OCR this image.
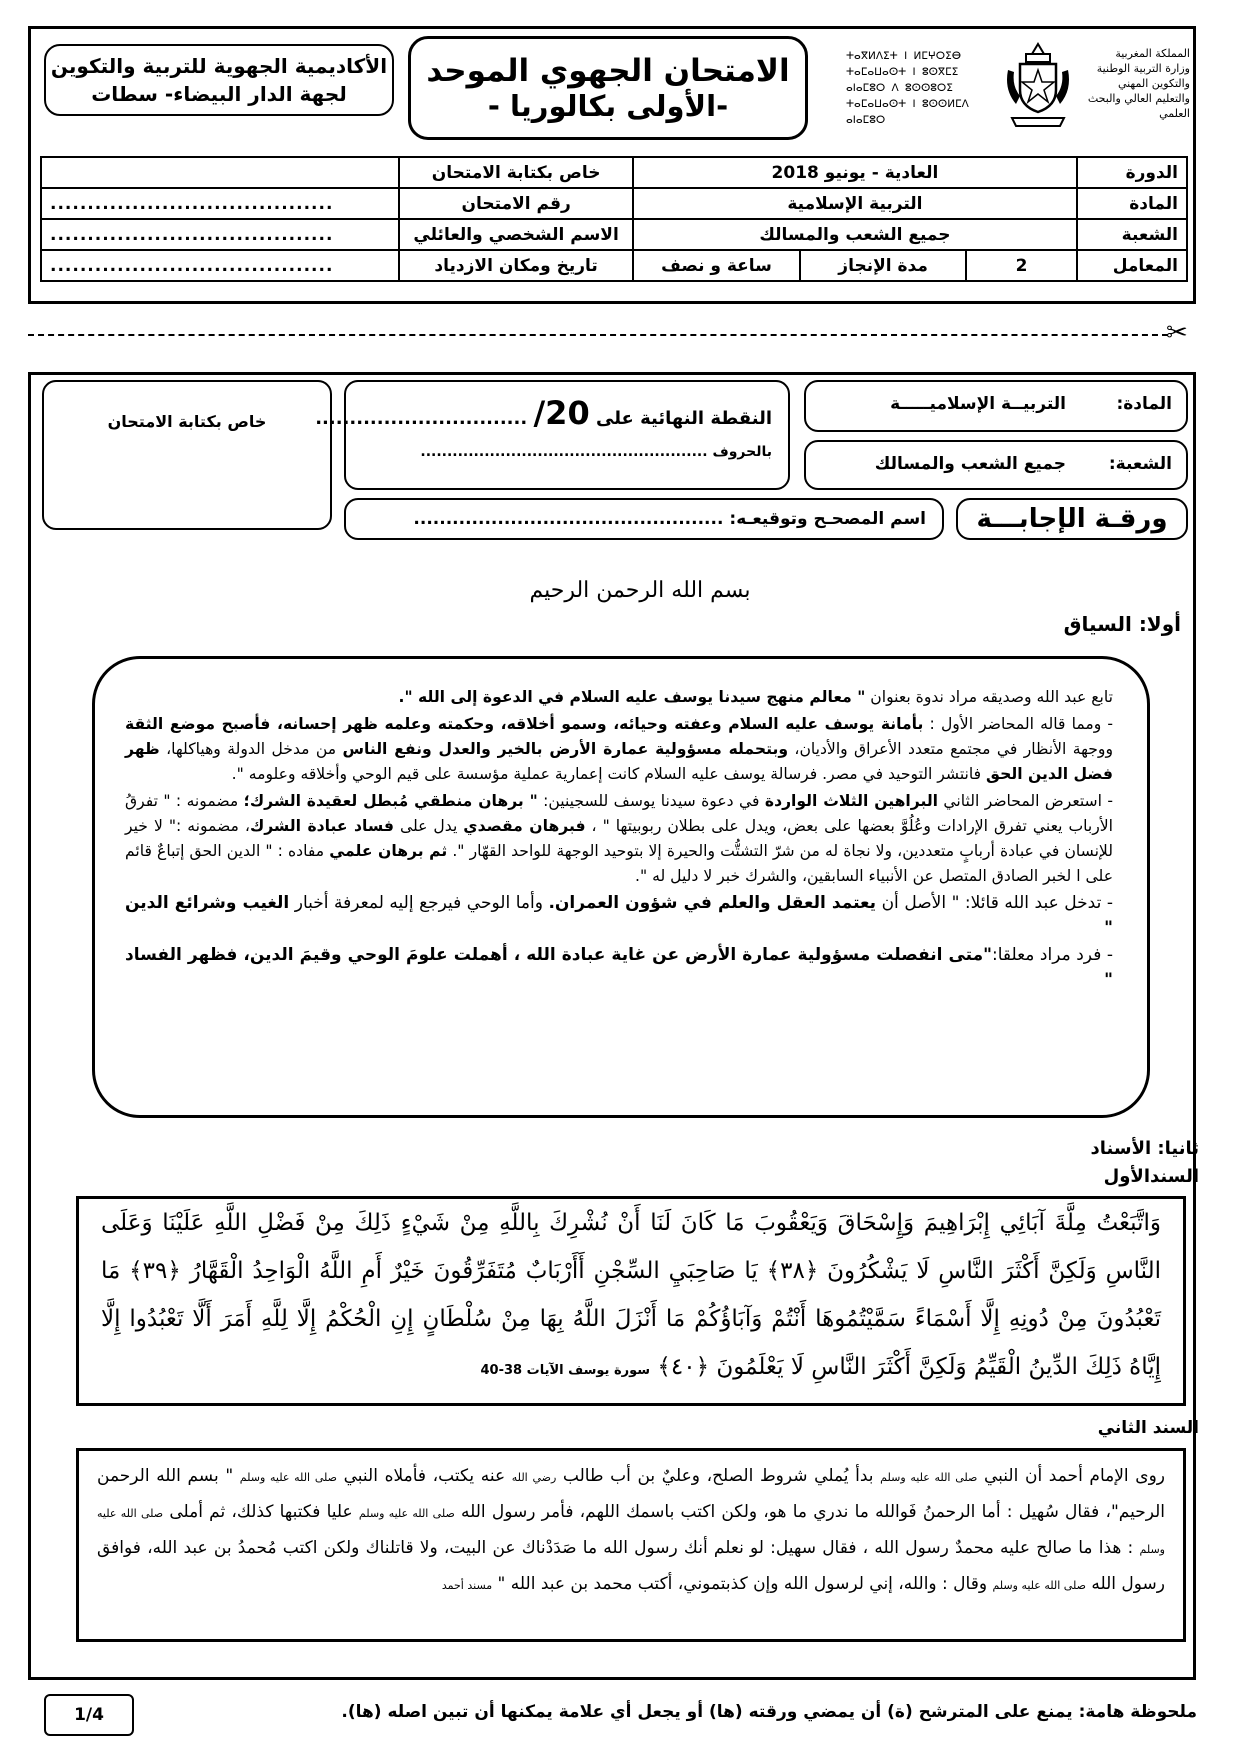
الأكاديمية الجهوية للتربية والتكوين لجهة الدار البيضاء- سطات
الامتحان الجهوي الموحد
-الأولى بكالوريا -
ⵜⴰⴳⵍⴷⵉⵜ ⵏ ⵍⵎⵖⵔⵉⴱ
ⵜⴰⵎⴰⵡⴰⵙⵜ ⵏ ⵓⵙⴳⵎⵉ
ⴰⵏⴰⵎⵓⵔ ⴷ ⵓⵙⵙⵓⵔⵉ
ⵜⴰⵎⴰⵡⴰⵙⵜ ⵏ ⵓⵙⵙⵍⵎⴷ ⴰⵏⴰⵎⵓⵔ
المملكة المغربية
وزارة التربية الوطنية
والتكوين المهني
والتعليم العالي والبحث العلمي
الدورة	العادية - يونيو 2018			خاص بكتابة الامتحان	
المادة	التربية الإسلامية			رقم الامتحان	......................................
الشعبة	جميع الشعب والمسالك			الاسم الشخصي والعائلي	......................................
المعامل	2	مدة الإنجاز	ساعة و نصف	تاريخ ومكان الازدياد	......................................
✂
خاص بكتابة الامتحان	النقطة النهائية على 20/ ...............................
بالحروف ......................................................
المادة:
التربيــة الإسلاميـــــة
الشعبة:
جميع الشعب والمسالك
اسم المصحـح وتوقيعـه:
................................................	ورقـة الإجابـــة
بسم الله الرحمن الرحيم
أولا: السياق

تابع عبد الله وصديقه مراد ندوة بعنوان " معالم منهج سيدنا يوسف عليه السلام في الدعوة إلى الله ".

- ومما قاله المحاضر الأول : بأمانة يوسف عليه السلام وعفته وحيائه، وسمو أخلاقه، وحكمته وعلمه ظهر إحسانه، فأصبح موضع الثقة ووجهة الأنظار في مجتمع متعدد الأعراق والأديان، وبتحمله مسؤولية عمارة الأرض بالخير والعدل ونفع الناس من مدخل الدولة وهياكلها، ظهر فضل الدين الحق فانتشر التوحيد في مصر. فرسالة يوسف عليه السلام كانت إعمارية عملية مؤسسة على قيم الوحي وأخلاقه وعلومه ".

- استعرض المحاضر الثاني البراهين الثلاث الواردة في دعوة سيدنا يوسف للسجينين: " برهان منطقي مُبطل لعقيدة الشرك؛ مضمونه : " تفرقُ الأرباب يعني تفرق الإرادات وعُلُوَّ بعضها على بعض، ويدل على بطلان ربوبيتها " ، فبرهان مقصدي يدل على فساد عبادة الشرك، مضمونه :" لا خير للإنسان في عبادة أربابٍ متعددين، ولا نجاة له من شرّ التشتُّت والحيرة إلا بتوحيد الوجهة للواحد القهّار ". ثم برهان علمي مفاده : " الدين الحق إتباعٌ قائم على ا لخبر الصادق المتصل عن الأنبياء السابقين، والشرك خبر لا دليل له ".

- تدخل عبد الله قائلا: " الأصل أن يعتمد العقل والعلم في شؤون العمران. وأما الوحي فيرجع إليه لمعرفة أخبار الغيب وشرائع الدين "

- فرد مراد معلقا:"متى انفصلت مسؤولية عمارة الأرض عن غاية عبادة الله ، أهملت علومَ الوحي وقيمَ الدين، فظهر الفساد "

ثانيا: الأسناد
السندالأول
وَاتَّبَعْتُ مِلَّةَ آبَائِي إِبْرَاهِيمَ وَإِسْحَاقَ وَيَعْقُوبَ مَا كَانَ لَنَا أَنْ نُشْرِكَ بِاللَّهِ مِنْ شَيْءٍ ذَلِكَ مِنْ فَضْلِ اللَّهِ عَلَيْنَا وَعَلَى النَّاسِ وَلَكِنَّ أَكْثَرَ النَّاسِ لَا يَشْكُرُونَ ﴿٣٨﴾ يَا صَاحِبَيِ السِّجْنِ أَأَرْبَابٌ مُتَفَرِّقُونَ خَيْرٌ أَمِ اللَّهُ الْوَاحِدُ الْقَهَّارُ ﴿٣٩﴾ مَا تَعْبُدُونَ مِنْ دُونِهِ إِلَّا أَسْمَاءً سَمَّيْتُمُوهَا أَنْتُمْ وَآبَاؤُكُمْ مَا أَنْزَلَ اللَّهُ بِهَا مِنْ سُلْطَانٍ إِنِ الْحُكْمُ إِلَّا لِلَّهِ أَمَرَ أَلَّا تَعْبُدُوا إِلَّا إِيَّاهُ ذَلِكَ الدِّينُ الْقَيِّمُ وَلَكِنَّ أَكْثَرَ النَّاسِ لَا يَعْلَمُونَ ﴿٤٠﴾ سورة يوسف الآيات 38-40
السند الثاني
روى الإمام أحمد أن النبي صلى الله عليه وسلم بدأ يُملي شروط الصلح، وعليٌ بن أب طالب رضي الله عنه يكتب، فأملاه النبي صلى الله عليه وسلم " بسم الله الرحمن الرحيم"، فقال سُهيل : أما الرحمنُ فَوالله ما ندري ما هو، ولكن اكتب باسمك اللهم، فأمر رسول الله صلى الله عليه وسلم عليا فكتبها كذلك، ثم أملى صلى الله عليه وسلم : هذا ما صالح عليه محمدٌ رسول الله ، فقال سهيل: لو نعلم أنك رسول الله ما صَدَدْناك عن البيت، ولا قاتلناك ولكن اكتب مُحمدُ بن عبد الله، فوافق رسول الله صلى الله عليه وسلم وقال : والله، إني لرسول الله وإن كذبتموني، أكتب محمد بن عبد الله " مسند أحمد
ملحوظة هامة: يمنع على المترشح (ة) أن يمضي ورقته (ها) أو يجعل أي علامة يمكنها أن تبين اصله (ها).
1/4
